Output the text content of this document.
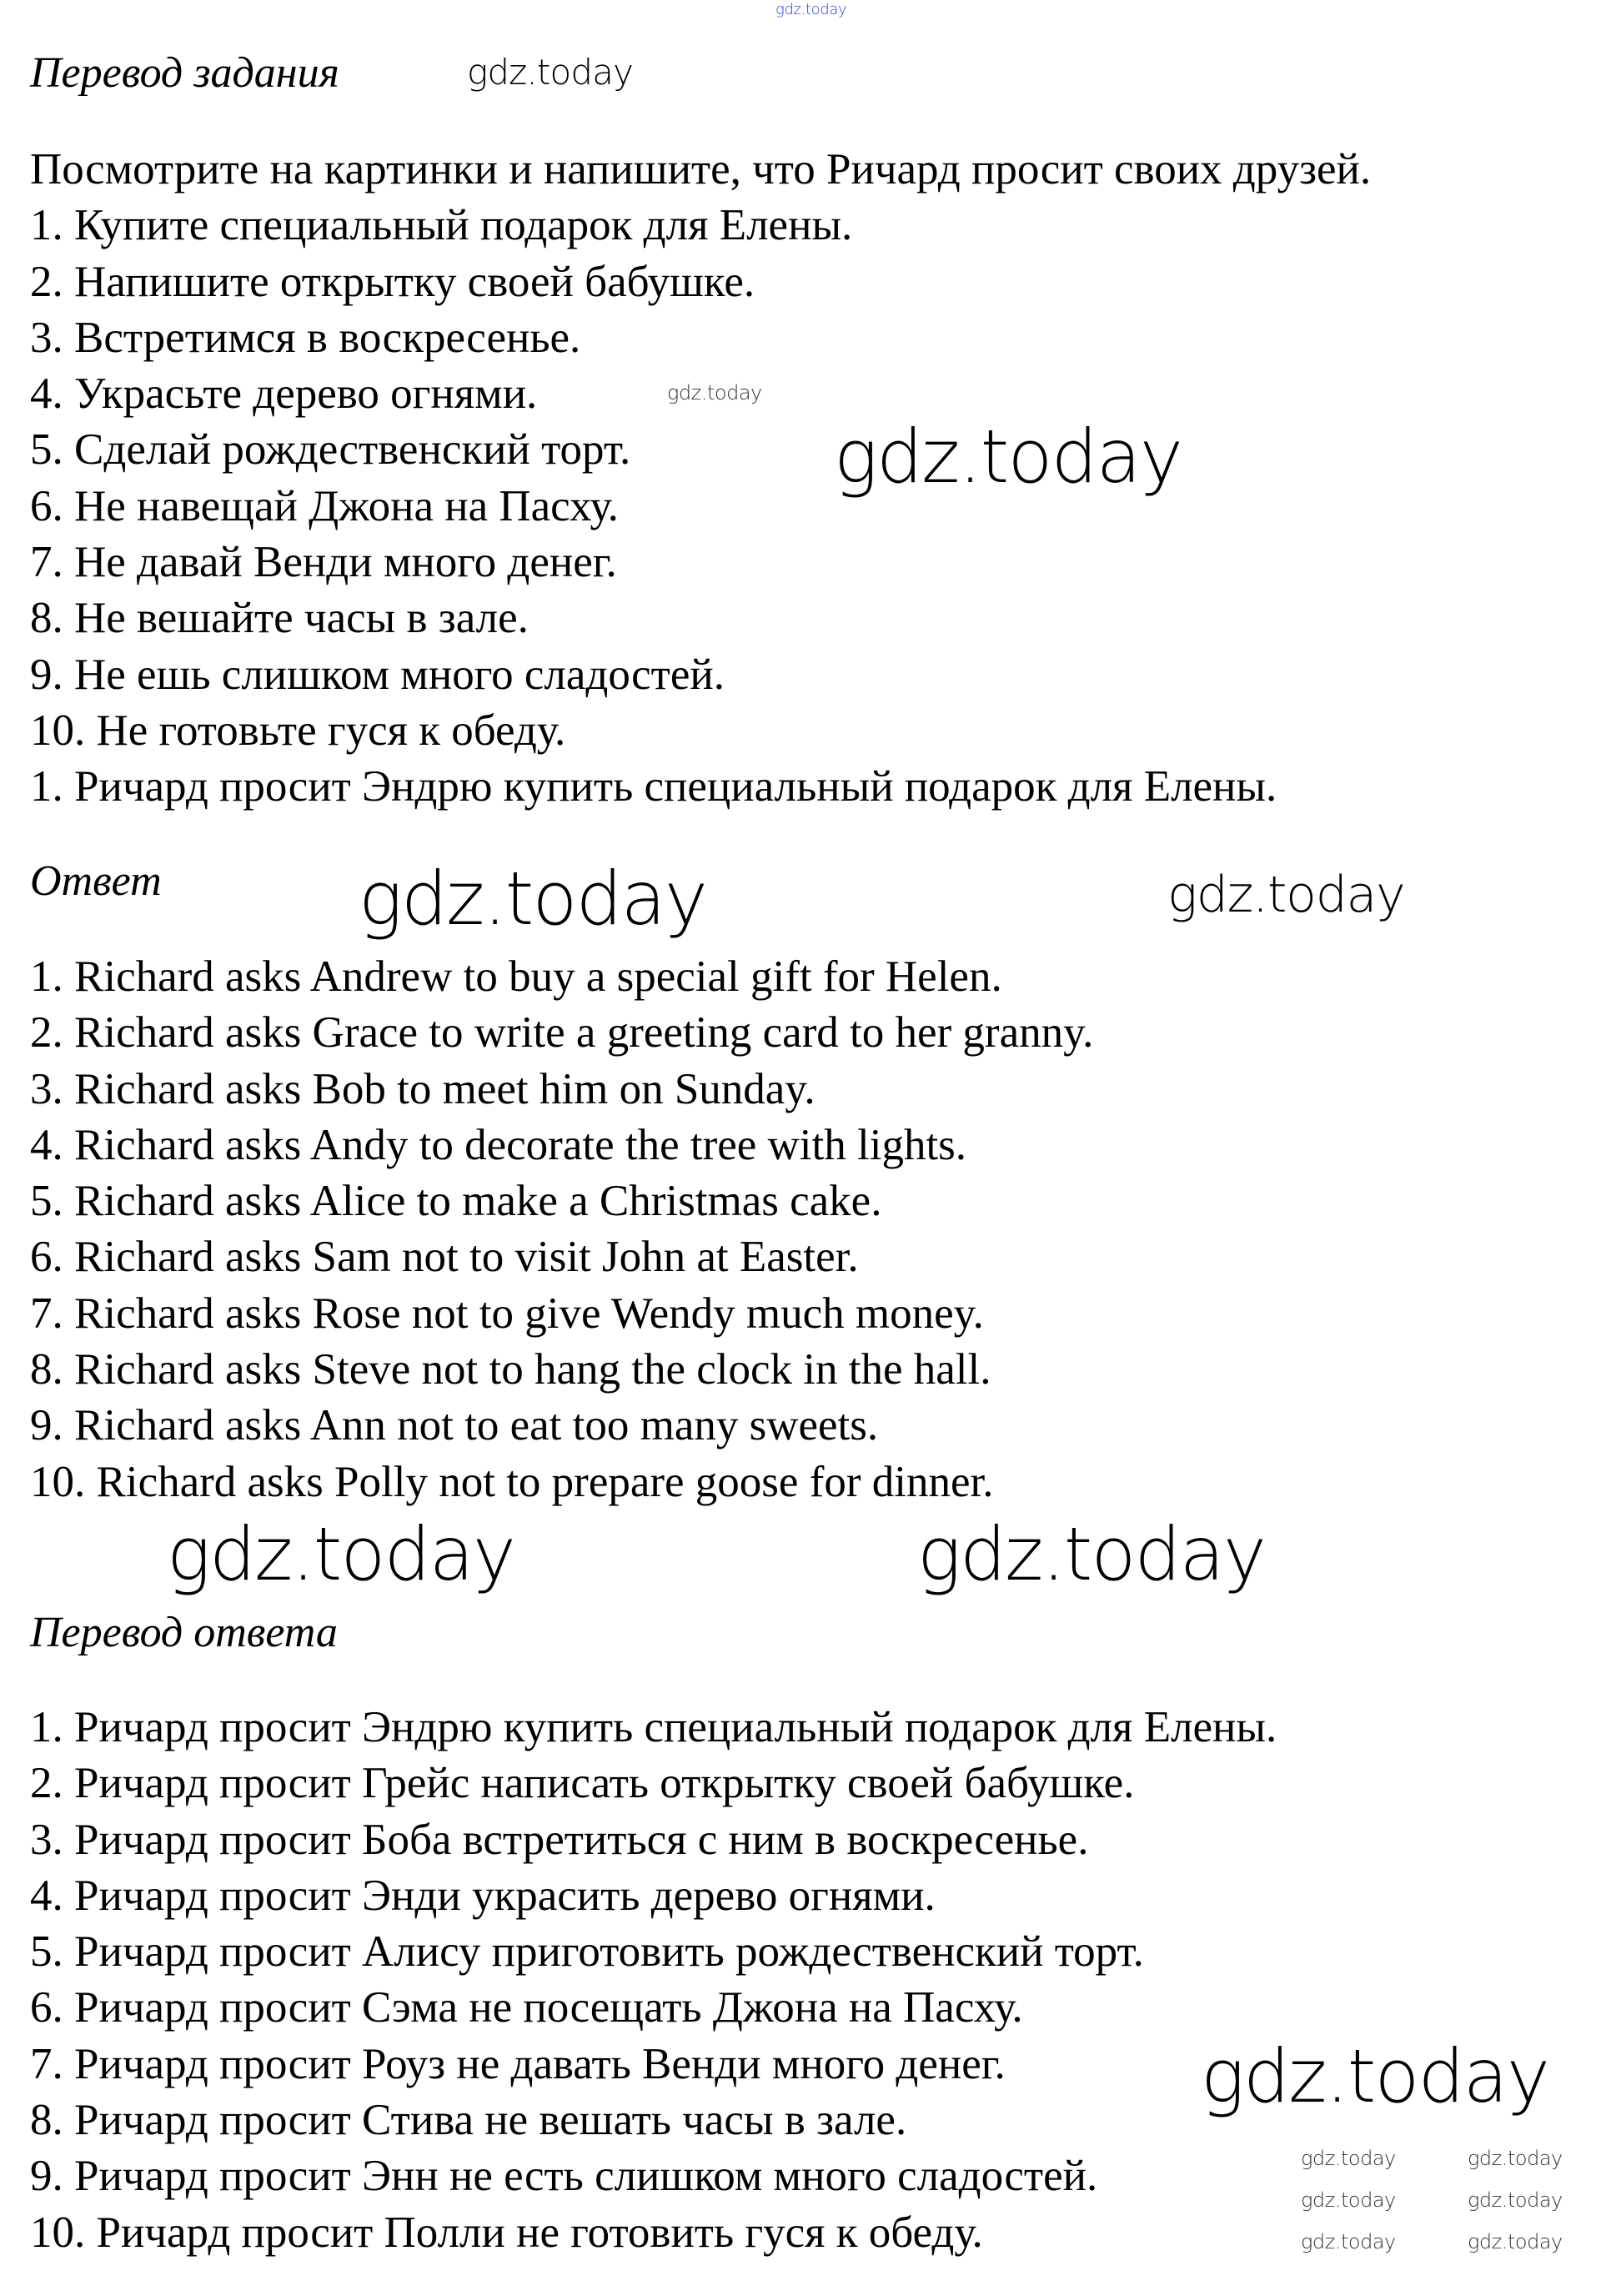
Перевод задания
Посмотрите на картинки и напишите, что Ричард просит своих друзей.
1. Купите специальный подарок для Елены.
2. Напишите открытку своей бабушке.
3. Встретимся в воскресенье.
4. Украсьте дерево огнями.
5. Сделай рождественский торт.
6. Не навещай Джона на Пасху.
7. Не давай Венди много денег.
8. Не вешайте часы в зале.
9. Не ешь слишком много сладостей.
10. Не готовьте гуся к обеду.
1. Ричард просит Эндрю купить специальный подарок для Елены.
Ответ
1. Richard asks Andrew to buy a special gift for Helen.
2. Richard asks Grace to write a greeting card to her granny.
3. Richard asks Bob to meet him on Sunday.
4. Richard asks Andy to decorate the tree with lights.
5. Richard asks Alice to make a Christmas cake.
6. Richard asks Sam not to visit John at Easter.
7. Richard asks Rose not to give Wendy much money.
8. Richard asks Steve not to hang the clock in the hall.
9. Richard asks Ann not to eat too many sweets.
10. Richard asks Polly not to prepare goose for dinner.
Перевод ответа
1. Ричард просит Эндрю купить специальный подарок для Елены.
2. Ричард просит Грейс написать открытку своей бабушке.
3. Ричард просит Боба встретиться с ним в воскресенье.
4. Ричард просит Энди украсить дерево огнями.
5. Ричард просит Алису приготовить рождественский торт.
6. Ричард просит Сэма не посещать Джона на Пасху.
7. Ричард просит Роуз не давать Венди много денег.
8. Ричард просит Стива не вешать часы в зале.
9. Ричард просит Энн не есть слишком много сладостей.
10. Ричард просит Полли не готовить гуся к обеду.
gdz.today
gdz.today
gdz.today
gdz.today
gdz.today	gdz.today
gdz.today	gdz.today
gdz.today
gdz.today	gdz.today
gdz.today	gdz.today
gdz.today	gdz.today
